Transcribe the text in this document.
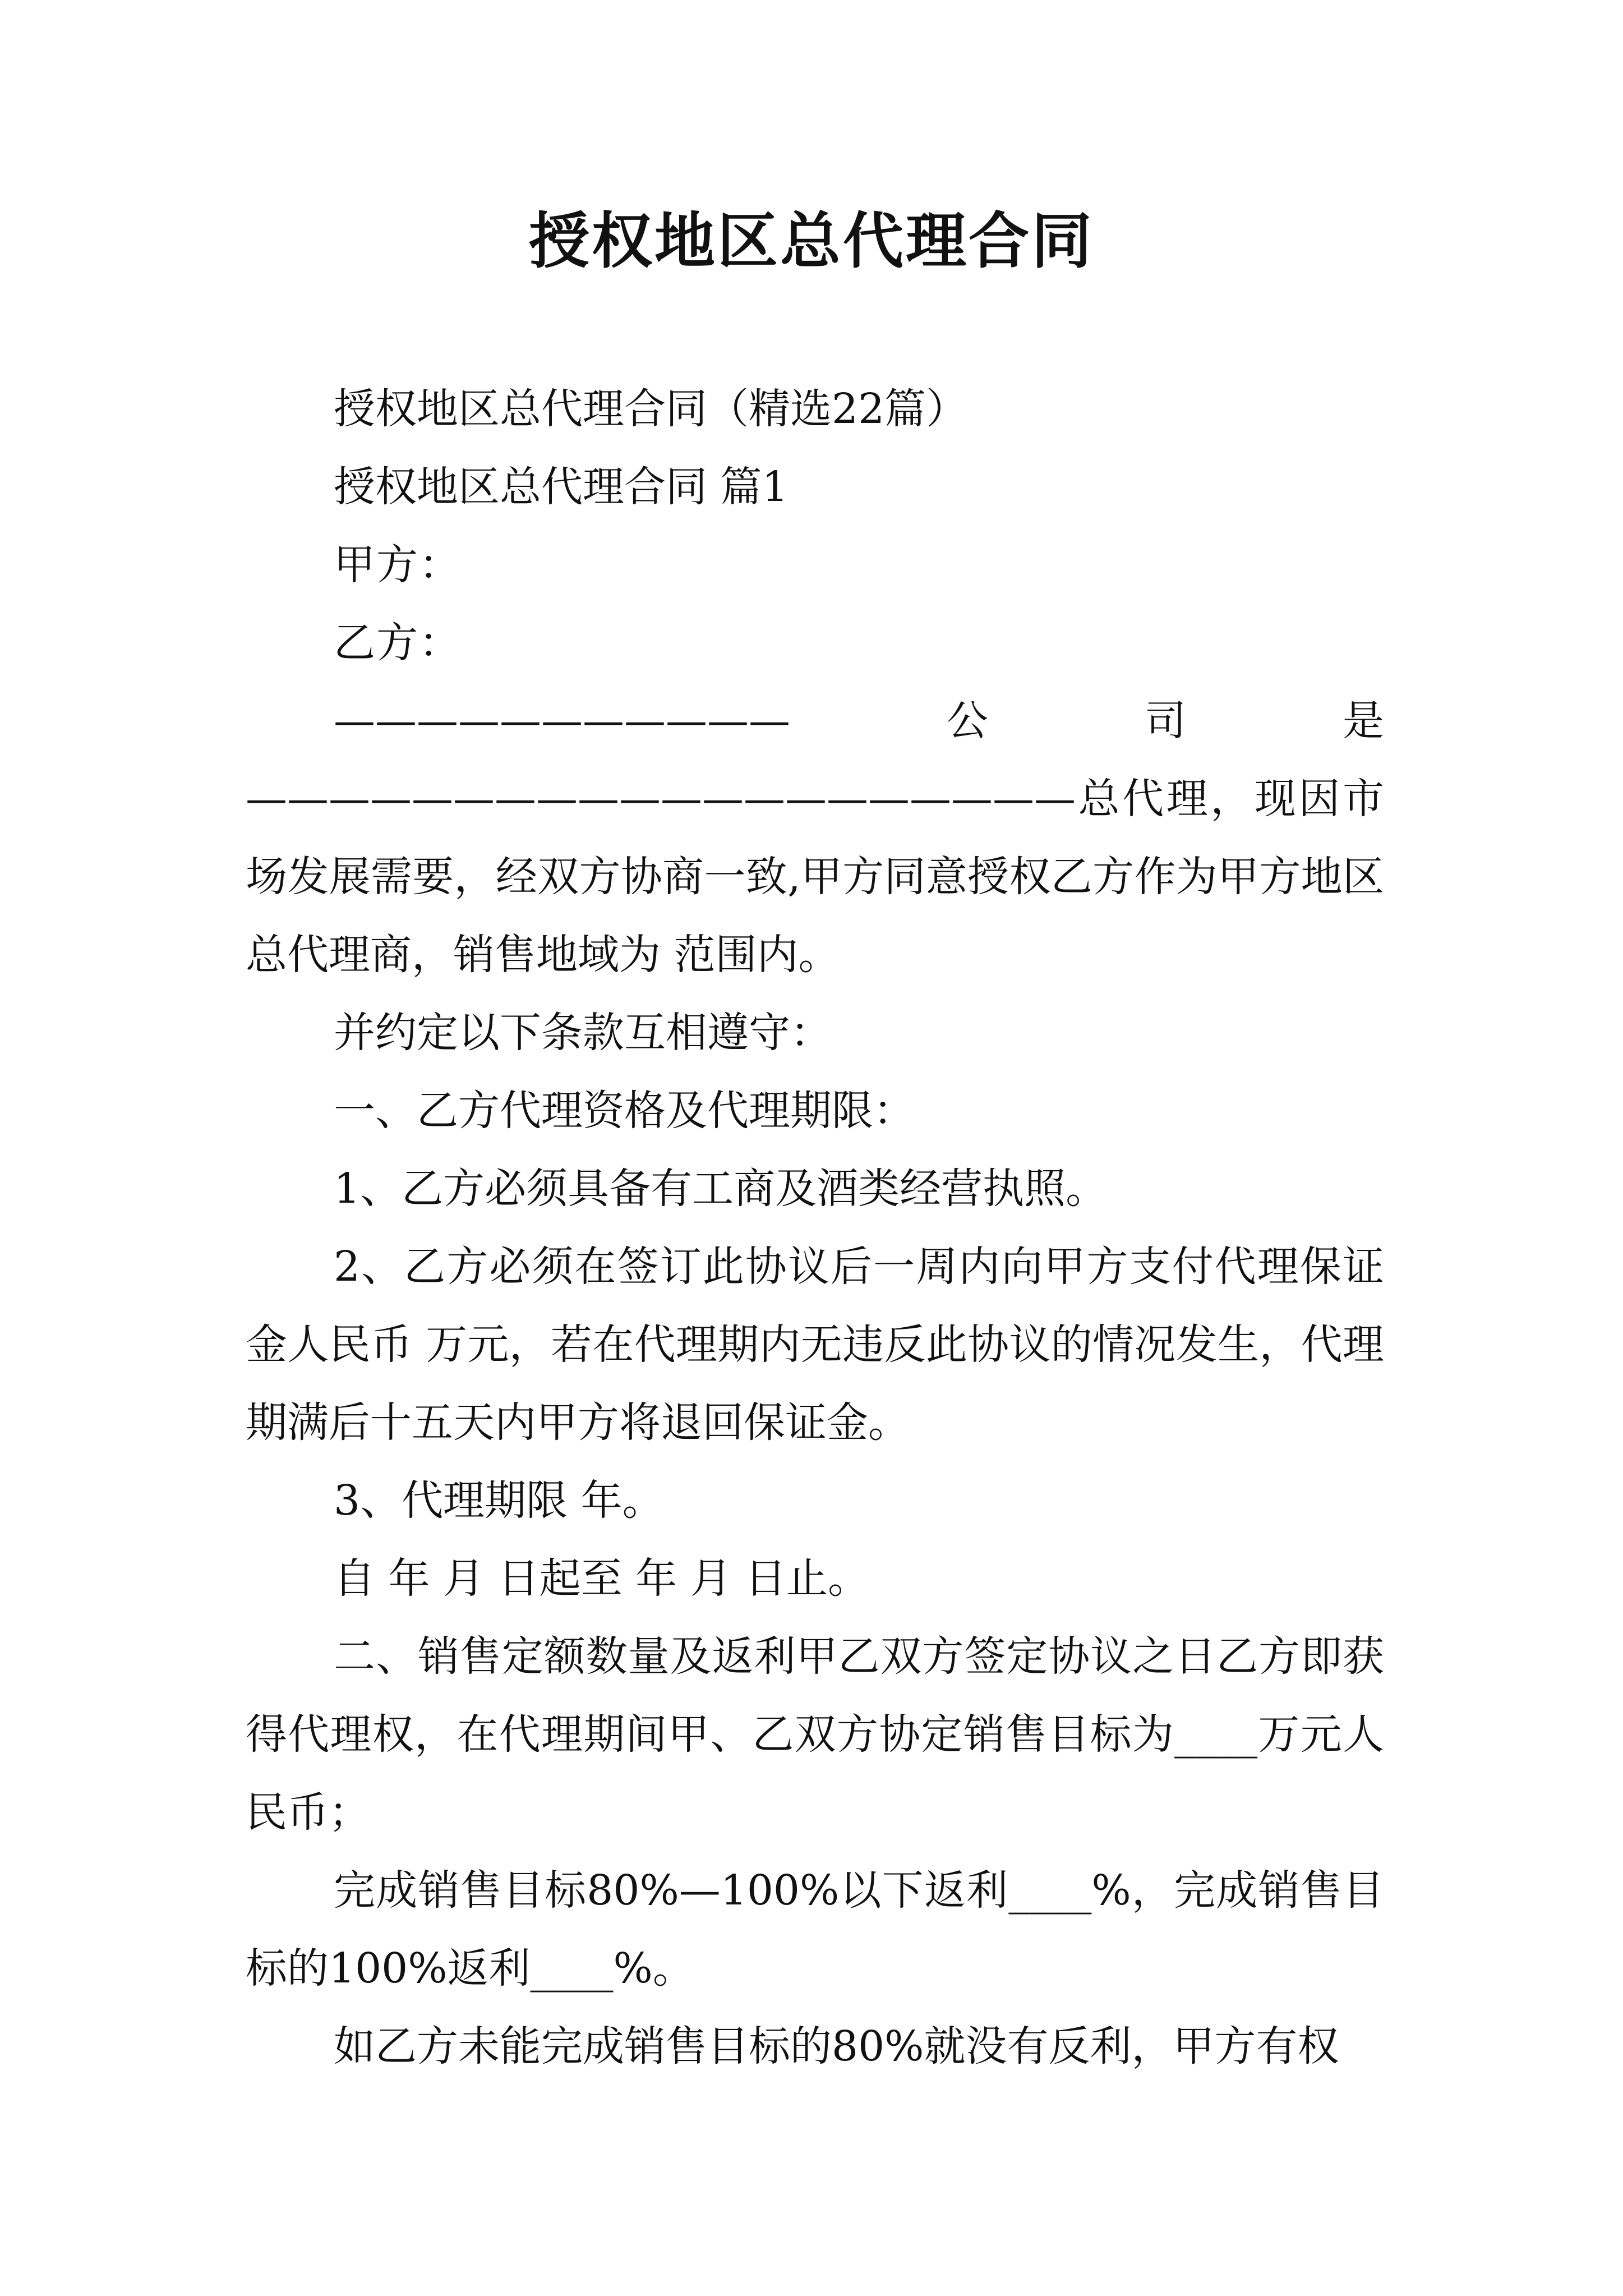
授权地区总代理合同

授权地区总代理合同（精选22篇）

授权地区总代理合同 篇1

甲方：

乙方：

———————————公司是————————————————————总代理，现因市场发展需要，经双方协商一致,甲方同意授权乙方作为甲方地区总代理商，销售地域为 范围内。

并约定以下条款互相遵守：

一、乙方代理资格及代理期限：

1、乙方必须具备有工商及酒类经营执照。

2、乙方必须在签订此协议后一周内向甲方支付代理保证金人民币 万元，若在代理期内无违反此协议的情况发生，代理期满后十五天内甲方将退回保证金。

3、代理期限 年。

自 年 月 日起至 年 月 日止。

二、销售定额数量及返利甲乙双方签定协议之日乙方即获得代理权，在代理期间甲、乙双方协定销售目标为____万元人民币；

完成销售目标80%—100%以下返利____%，完成销售目标的100%返利____%。

如乙方未能完成销售目标的80%就没有反利，甲方有权
